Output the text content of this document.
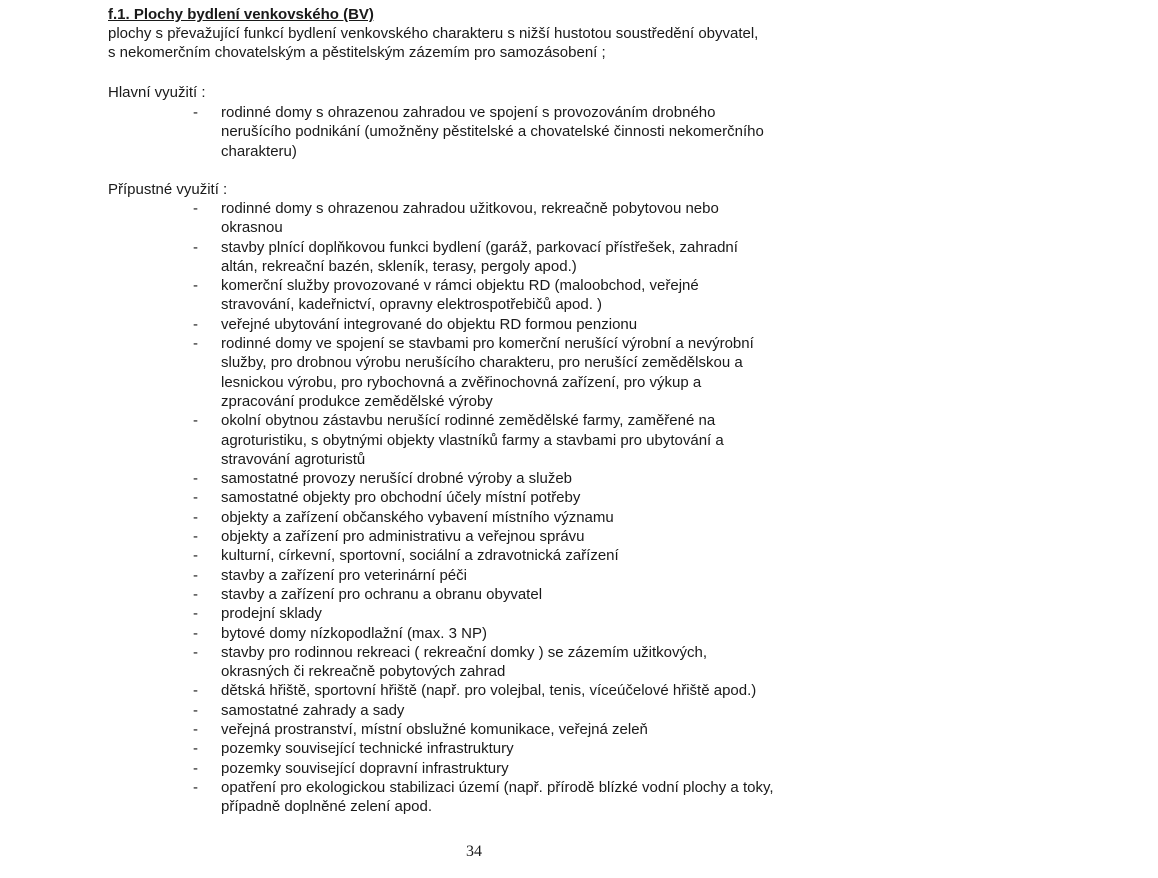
f.1. Plochy bydlení venkovského (BV)
plochy s převažující funkcí bydlení venkovského charakteru s nižší hustotou soustředění obyvatel,
s nekomerčním chovatelským a pěstitelským zázemím pro samozásobení ;
Hlavní využití :
- rodinné domy s ohrazenou zahradou ve spojení s provozováním drobného
nerušícího podnikání (umožněny pěstitelské a chovatelské činnosti nekomerčního
charakteru)
Přípustné využití :
- rodinné domy s ohrazenou zahradou užitkovou, rekreačně pobytovou nebo
okrasnou
- stavby plnící doplňkovou funkci bydlení (garáž, parkovací přístřešek, zahradní
altán, rekreační bazén, skleník, terasy, pergoly apod.)
- komerční služby provozované v rámci objektu RD (maloobchod, veřejné
stravování, kadeřnictví, opravny elektrospotřebičů apod. )
- veřejné ubytování integrované do objektu RD formou penzionu
- rodinné domy ve spojení se stavbami pro komerční nerušící výrobní a nevýrobní
služby, pro drobnou výrobu nerušícího charakteru, pro nerušící zemědělskou a
lesnickou výrobu, pro rybochovná a zvěřinochovná zařízení, pro výkup a
zpracování produkce zemědělské výroby
- okolní obytnou zástavbu nerušící rodinné zemědělské farmy, zaměřené na
agroturistiku, s obytnými objekty vlastníků farmy a stavbami pro ubytování a
stravování agroturistů
- samostatné provozy nerušící drobné výroby a služeb
- samostatné objekty pro obchodní účely místní potřeby
- objekty a zařízení občanského vybavení místního významu
- objekty a zařízení pro administrativu a veřejnou správu
- kulturní, církevní, sportovní, sociální a zdravotnická zařízení
- stavby a zařízení pro veterinární péči
- stavby a zařízení pro ochranu a obranu obyvatel
- prodejní sklady
- bytové domy nízkopodlažní (max. 3 NP)
- stavby pro rodinnou rekreaci ( rekreační domky ) se zázemím užitkových,
okrasných či rekreačně pobytových zahrad
- dětská hřiště, sportovní hřiště (např. pro volejbal, tenis, víceúčelové hřiště apod.)
- samostatné zahrady a sady
- veřejná prostranství, místní obslužné komunikace, veřejná zeleň
- pozemky související technické infrastruktury
- pozemky související dopravní infrastruktury
- opatření pro ekologickou stabilizaci území (např. přírodě blízké vodní plochy a toky,
případně doplněné zelení apod.
34
